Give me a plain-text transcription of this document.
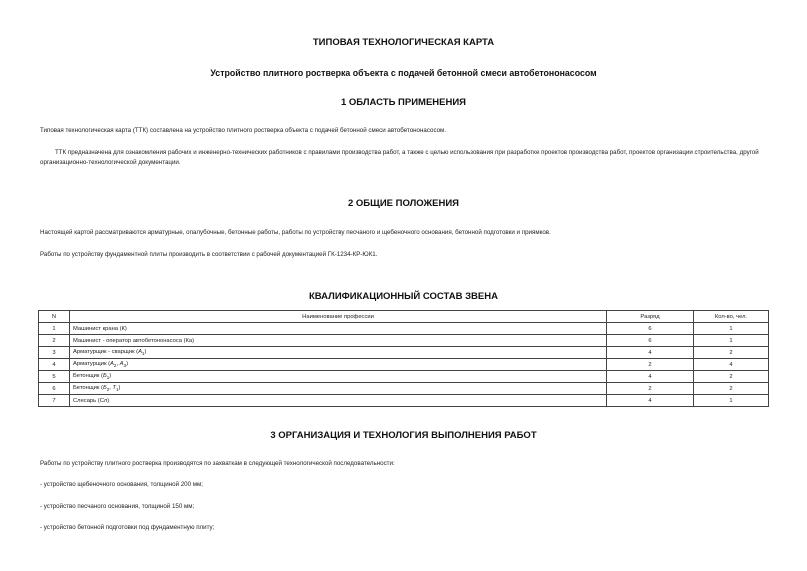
ТИПОВАЯ ТЕХНОЛОГИЧЕСКАЯ КАРТА
Устройство плитного ростверка объекта с подачей бетонной смеси автобетононасосом
1 ОБЛАСТЬ ПРИМЕНЕНИЯ
Типовая технологическая карта (ТТК) составлена на устройство плитного ростверка объекта с подачей бетонной смеси автобетононасосом.
ТТК предназначена для ознакомления рабочих и инженерно-технических работников с правилами производства работ, а также с целью использования при разработке проектов производства работ, проектов организации строительства, другой организационно-технологической документации.
2 ОБЩИЕ ПОЛОЖЕНИЯ
Настоящей картой рассматриваются арматурные, опалубочные, бетонные работы, работы по устройству песчаного и щебеночного основания, бетонной подготовки и приямков.
Работы по устройству фундаментной плиты производить в соответствии с рабочей документацией ГК-1234-КР-ЮК1.
КВАЛИФИКАЦИОННЫЙ СОСТАВ ЗВЕНА
N	Наименование профессии	Разряд	Кол-во, чел.
1	Машинист крана (К)	6	1
2	Машинист - оператор автобетононасоса (Ка)	6	1
3	Арматурщик - сварщик $(А_1)$	4	2
4	Арматурщик ($А_2$, $А_3$)	2	4
5	Бетонщик $(Б_1)$	4	2
6	Бетонщик ($Б_2$, $Т_1$)	2	2
7	Слесарь (Сл)	4	1
3 ОРГАНИЗАЦИЯ И ТЕХНОЛОГИЯ ВЫПОЛНЕНИЯ РАБОТ
Работы по устройству плитного ростверка производятся по захваткам в следующей технологической последовательности:
- устройство щебеночного основания, толщиной 200 мм;
- устройство песчаного основания, толщиной 150 мм;
- устройство бетонной подготовки под фундаментную плиту;
